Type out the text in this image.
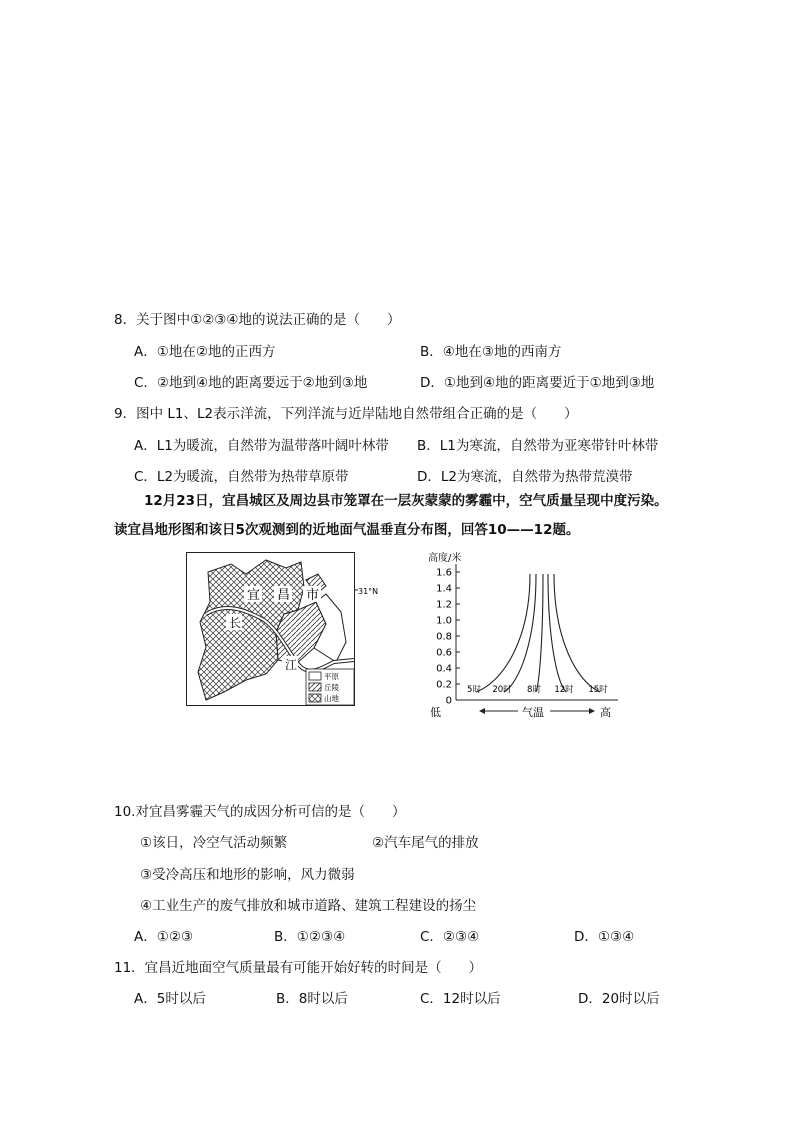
8．关于图中①②③④地的说法正确的是（　　）
A．①地在②地的正西方	B．④地在③地的西南方
C．②地到④地的距离要远于②地到③地	D．①地到④地的距离要近于①地到③地
9．图中 L1、L2表示洋流，下列洋流与近岸陆地自然带组合正确的是（　　）
A．L1为暖流，自然带为温带落叶阔叶林带 B．L1为寒流，自然带为亚寒带针叶林带
C．L2为暖流，自然带为热带草原带	D．L2为寒流，自然带为热带荒漠带
12月23日，宜昌城区及周边县市笼罩在一层灰蒙蒙的雾霾中，空气质量呈现中度污染。
读宜昌地形图和该日5次观测到的近地面气温垂直分布图，回答10——12题。
31°N
宜 昌 市
长
江
平原
丘陵
山地
高度/米
0
0.2
0.4
0.6
0.8
1.0
1.2
1.4
1.6
5时 20时 8时 12时 15时
低	气温	高
10.对宜昌雾霾天气的成因分析可信的是（　　）
①该日，冷空气活动频繁	②汽车尾气的排放
③受冷高压和地形的影响，风力微弱
④工业生产的废气排放和城市道路、建筑工程建设的扬尘
A．①②③	B．①②③④	C．②③④	D．①③④
11．宜昌近地面空气质量最有可能开始好转的时间是（　　）
A．5时以后	B．8时以后	C．12时以后	D．20时以后
